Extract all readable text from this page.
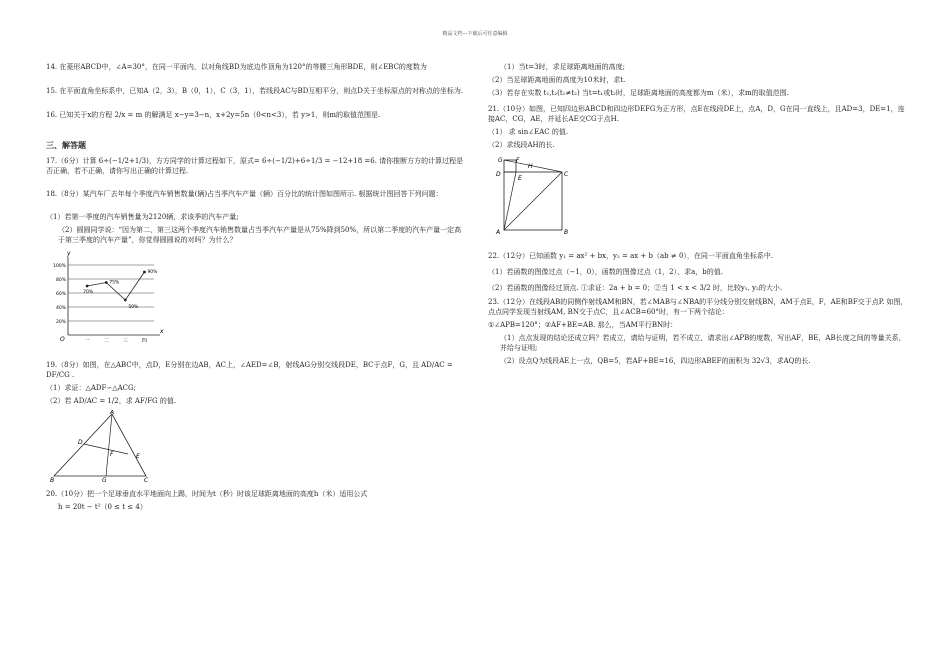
精品文档---下载后可任意编辑
14. 在菱形ABCD中，∠A=30°，在同一平面内，以对角线BD为底边作顶角为120°的等腰三角形BDE，则∠EBC的度数为
15. 在平面直角坐标系中，已知A（2，3），B（0，1），C（3，1），若线段AC与BD互相平分，则点D关于坐标原点的对称点的坐标为.
16. 已知关于x的方程 2/x = m 的解满足 x−y=3−n，x+2y=5n（0<n<3），若 y>1，则m的取值范围是.
三、解答题
17.（6分）计算 6÷(−1/2+1/3)，方方同学的计算过程如下，原式= 6÷(−1/2)+6÷1/3 = −12+18 =6. 请你推断方方的计算过程是否正确，若不正确，请你写出正确的计算过程.
18.（8分）某汽车厂去年每个季度汽车销售数量(辆)占当季汽车产量（辆）百分比的统计图如图所示. 根据统计图回答下列问题：
（1）若第一季度的汽车销售量为2120辆，求该季的汽车产量;
（2）圆圆同学说：“因为第二，第三这两个季度汽车销售数量占当季汽车产量是从75%降到50%，所以第二季度的汽车产量一定高于第三季度的汽车产量”，你觉得圆圆说的对吗？为什么？
x
y
O
20%
40%
60%
80%
100%
一	二	三	四
70%
75%
50%
90%
19.（8分）如图，在△ABC中，点D，E分别在边AB，AC上，∠AED=∠B，射线AG分别交线段DE，BC于点F，G，且 AD/AC = DF/CG .
（1）求证：△ADF∽△ACG;
（2）若 AD/AC = 1/2，求 AF/FG 的值.
A
D
F	E
B	G	C
20.（10分）把一个足球垂直水平地面向上踢，时间为t（秒）时该足球距离地面的高度h（米）适用公式
h = 20t − t²（0 ≤ t ≤ 4）
（1）当t=3时，求足球距离地面的高度;
（2）当足球距离地面的高度为10米时，求t.
（3）若存在实数 t₁,t₂(t₁≠t₂) 当t=t₁或t₂时，足球距离地面的高度都为m（米），求m的取值范围.
21.（10分）如图，已知四边形ABCD和四边形DEFG为正方形，点E在线段DE上，点A，D，G在同一直线上，且AD=3，DE=1，连接AC，CG，AE，并延长AE交CG于点H.
（1） 求 sin∠EAC 的值.
（2）求线段AH的长.
G F
H
D
E
C
A	B
22.（12分）已知函数 y₁ = ax² + bx，y₂ = ax + b（ab ≠ 0），在同一平面直角坐标系中.
（1）若函数的图像过点（−1，0），函数的图像过点（1，2），求a，b的值.
（2）若函数的图像经过顶点. ①求证：2a + b = 0；②当 1 < x < 3/2 时，比较y₁, y₂的大小.
23.（12分）在线段AB的同侧作射线AM和BN，若∠MAB与∠NBA的平分线分别交射线BN，AM于点E，F，AE和BF交于点P. 如图，点点同学发现当射线AM, BN交于点C，且∠ACB=60°时，有一下两个结论：
①∠APB=120°；②AF+BE=AB. 那么，当AM平行BN时：
（1）点点发现的结论还成立吗？若成立，请给与证明，若不成立，请求出∠APB的度数，写出AF，BE，AB长度之间的等量关系，并给与证明;
（2）设点Q为线段AE上一点，QB=5，若AF+BE=16，四边形ABEF的面积为 32√3，求AQ的长.
